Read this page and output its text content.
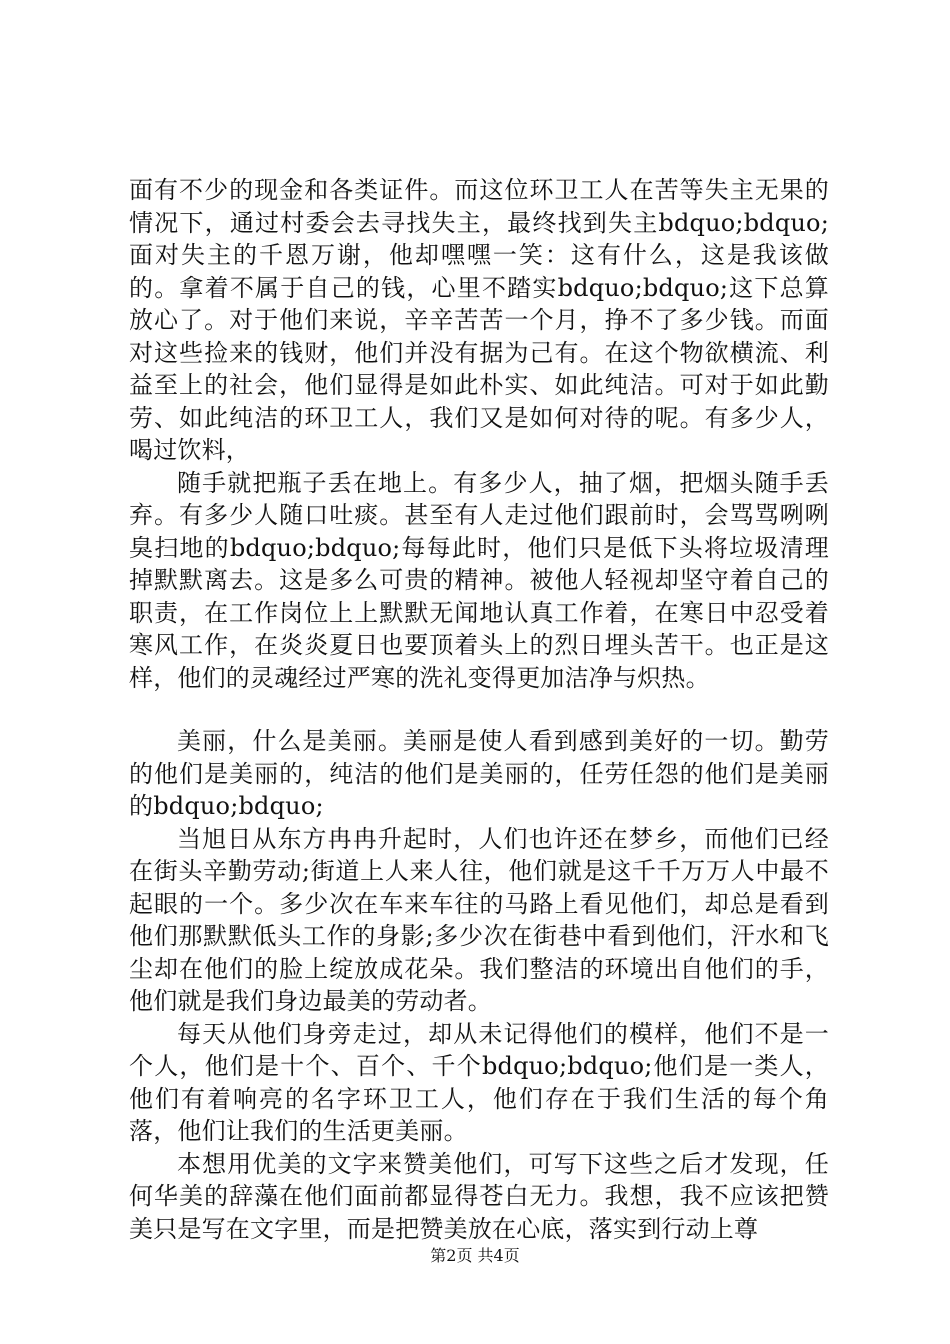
面有不少的现金和各类证件。而这位环卫工人在苦等失主无果的情况下，通过村委会去寻找失主，最终找到失主bdquo;bdquo;面对失主的千恩万谢，他却嘿嘿一笑：这有什么，这是我该做的。拿着不属于自己的钱，心里不踏实bdquo;bdquo;这下总算放心了。对于他们来说，辛辛苦苦一个月，挣不了多少钱。而面对这些捡来的钱财，他们并没有据为己有。在这个物欲横流、利益至上的社会，他们显得是如此朴实、如此纯洁。可对于如此勤劳、如此纯洁的环卫工人，我们又是如何对待的呢。有多少人，喝过饮料，

随手就把瓶子丢在地上。有多少人，抽了烟，把烟头随手丢弃。有多少人随口吐痰。甚至有人走过他们跟前时，会骂骂咧咧臭扫地的bdquo;bdquo;每每此时，他们只是低下头将垃圾清理掉默默离去。这是多么可贵的精神。被他人轻视却坚守着自己的职责，在工作岗位上上默默无闻地认真工作着，在寒日中忍受着寒风工作，在炎炎夏日也要顶着头上的烈日埋头苦干。也正是这样，他们的灵魂经过严寒的洗礼变得更加洁净与炽热。

美丽，什么是美丽。美丽是使人看到感到美好的一切。勤劳的他们是美丽的，纯洁的他们是美丽的，任劳任怨的他们是美丽的bdquo;bdquo;

当旭日从东方冉冉升起时，人们也许还在梦乡，而他们已经在街头辛勤劳动;街道上人来人往，他们就是这千千万万人中最不起眼的一个。多少次在车来车往的马路上看见他们，却总是看到他们那默默低头工作的身影;多少次在街巷中看到他们，汗水和飞尘却在他们的脸上绽放成花朵。我们整洁的环境出自他们的手，他们就是我们身边最美的劳动者。

每天从他们身旁走过，却从未记得他们的模样，他们不是一个人，他们是十个、百个、千个bdquo;bdquo;他们是一类人，他们有着响亮的名字环卫工人，他们存在于我们生活的每个角落，他们让我们的生活更美丽。

本想用优美的文字来赞美他们，可写下这些之后才发现，任何华美的辞藻在他们面前都显得苍白无力。我想，我不应该把赞美只是写在文字里，而是把赞美放在心底，落实到行动上尊

第2页 共4页
